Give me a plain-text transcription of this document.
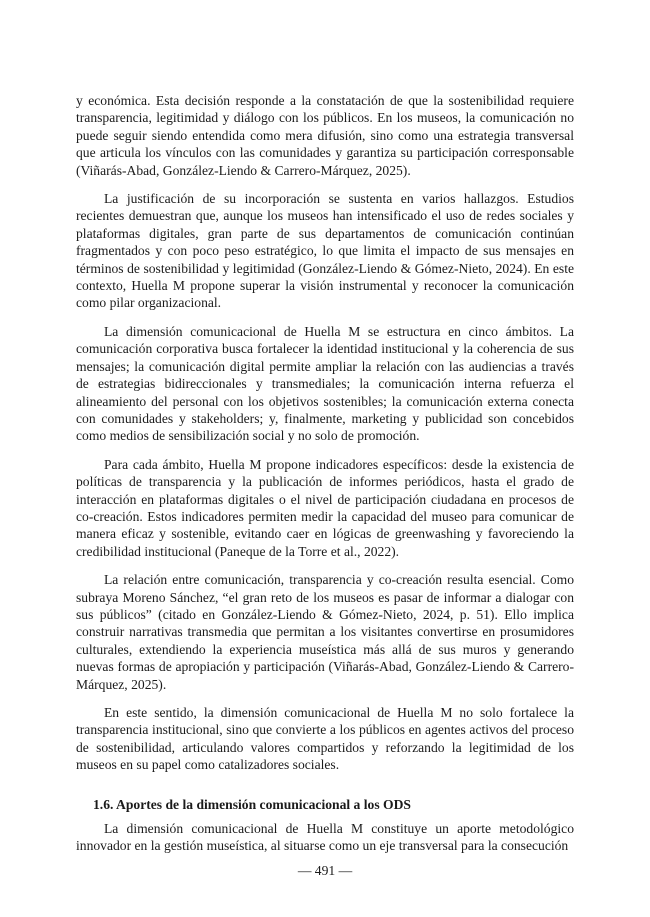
y económica. Esta decisión responde a la constatación de que la sostenibilidad requiere transparencia, legitimidad y diálogo con los públicos. En los museos, la comunicación no puede seguir siendo entendida como mera difusión, sino como una estrategia transversal que articula los vínculos con las comunidades y garantiza su participación corresponsable (Viñarás-Abad, González-Liendo & Carrero-Márquez, 2025).

La justificación de su incorporación se sustenta en varios hallazgos. Estudios recientes demuestran que, aunque los museos han intensificado el uso de redes sociales y plataformas digitales, gran parte de sus departamentos de comunicación continúan fragmentados y con poco peso estratégico, lo que limita el impacto de sus mensajes en términos de sostenibilidad y legitimidad (González-Liendo & Gómez-Nieto, 2024). En este contexto, Huella M propone superar la visión instrumental y reconocer la comunicación como pilar organizacional.

La dimensión comunicacional de Huella M se estructura en cinco ámbitos. La comunicación corporativa busca fortalecer la identidad institucional y la coherencia de sus mensajes; la comunicación digital permite ampliar la relación con las audiencias a través de estrategias bidireccionales y transmediales; la comunicación interna refuerza el alineamiento del personal con los objetivos sostenibles; la comunicación externa conecta con comunidades y stakeholders; y, finalmente, marketing y publicidad son concebidos como medios de sensibilización social y no solo de promoción.

Para cada ámbito, Huella M propone indicadores específicos: desde la existencia de políticas de transparencia y la publicación de informes periódicos, hasta el grado de interacción en plataformas digitales o el nivel de participación ciudadana en procesos de co-creación. Estos indicadores permiten medir la capacidad del museo para comunicar de manera eficaz y sostenible, evitando caer en lógicas de greenwashing y favoreciendo la credibilidad institucional (Paneque de la Torre et al., 2022).

La relación entre comunicación, transparencia y co-creación resulta esencial. Como subraya Moreno Sánchez, “el gran reto de los museos es pasar de informar a dialogar con sus públicos” (citado en González-Liendo & Gómez-Nieto, 2024, p. 51). Ello implica construir narrativas transmedia que permitan a los visitantes convertirse en prosumidores culturales, extendiendo la experiencia museística más allá de sus muros y generando nuevas formas de apropiación y participación (Viñarás-Abad, González-Liendo & Carrero-Márquez, 2025).

En este sentido, la dimensión comunicacional de Huella M no solo fortalece la transparencia institucional, sino que convierte a los públicos en agentes activos del proceso de sostenibilidad, articulando valores compartidos y reforzando la legitimidad de los museos en su papel como catalizadores sociales.

1.6. Aportes de la dimensión comunicacional a los ODS

La dimensión comunicacional de Huella M constituye un aporte metodológico innovador en la gestión museística, al situarse como un eje transversal para la consecución

— 491 —
